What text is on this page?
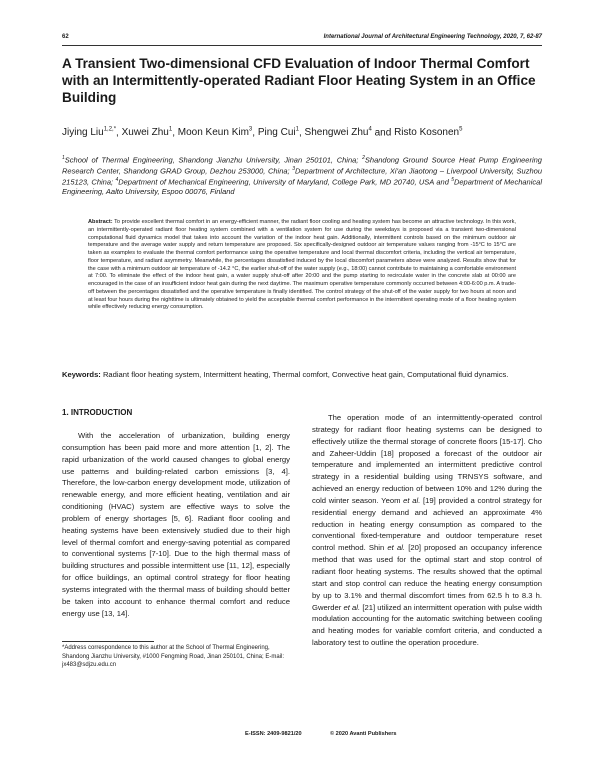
62	International Journal of Architectural Engineering Technology, 2020, 7, 62-87
A Transient Two-dimensional CFD Evaluation of Indoor Thermal Comfort with an Intermittently-operated Radiant Floor Heating System in an Office Building
Jiying Liu$^{1,2,*}$, Xuwei Zhu$^1$, Moon Keun Kim$^3$, Ping Cui$^1$, Shengwei Zhu$^4$ and Risto Kosonen$^5$
$^1$School of Thermal Engineering, Shandong Jianzhu University, Jinan 250101, China; $^2$Shandong Ground Source Heat Pump Engineering Research Center, Shandong GRAD Group, Dezhou 253000, China; $^3$Department of Architecture, Xi'an Jiaotong – Liverpool University, Suzhou 215123, China; $^4$Department of Mechanical Engineering, University of Maryland, College Park, MD 20740, USA and $^5$Department of Mechanical Engineering, Aalto University, Espoo 00076, Finland
Abstract: To provide excellent thermal comfort in an energy-efficient manner, the radiant floor cooling and heating system has become an attractive technology. In this work, an intermittently-operated radiant floor heating system combined with a ventilation system for use during the weekdays is proposed via a transient two-dimensional computational fluid dynamics model that takes into account the variation of the indoor heat gain. Additionally, intermittent controls based on the minimum outdoor air temperature and the average water supply and return temperature are proposed. Six specifically-designed outdoor air temperature values ranging from -15°C to 15°C are taken as examples to evaluate the thermal comfort performance using the operative temperature and local thermal discomfort criteria, including the vertical air temperature, floor temperature, and radiant asymmetry. Meanwhile, the percentages dissatisfied induced by the local discomfort parameters above were analyzed. Results show that for the case with a minimum outdoor air temperature of -14.2 °C, the earlier shut-off of the water supply (e.g., 18:00) cannot contribute to maintaining a comfortable environment at 7:00. To eliminate the effect of the indoor heat gain, a water supply shut-off after 20:00 and the pump starting to recirculate water in the concrete slab at 00:00 are encouraged in the case of an insufficient indoor heat gain during the next daytime. The maximum operative temperature commonly occurred between 4:00-6:00 p.m. A trade-off between the percentages dissatisfied and the operative temperature is finally identified. The control strategy of the shut-off of the water supply for two hours at noon and at least four hours during the nighttime is ultimately obtained to yield the acceptable thermal comfort performance in the intermittent operating mode of a floor heating system while effectively reducing energy consumption.
Keywords: Radiant floor heating system, Intermittent heating, Thermal comfort, Convective heat gain, Computational fluid dynamics.
1. INTRODUCTION
With the acceleration of urbanization, building energy consumption has been paid more and more attention [1, 2]. The rapid urbanization of the world caused changes to global energy use patterns and building-related carbon emissions [3, 4]. Therefore, the low-carbon energy development mode, utilization of renewable energy, and more efficient heating, ventilation and air conditioning (HVAC) system are effective ways to solve the problem of energy shortages [5, 6]. Radiant floor cooling and heating systems have been extensively studied due to their high level of thermal comfort and energy-saving potential as compared to conventional systems [7-10]. Due to the high thermal mass of building structures and possible intermittent use [11, 12], especially for office buildings, an optimal control strategy for floor heating systems integrated with the thermal mass of building should better be taken into account to enhance thermal comfort and reduce energy use [13, 14].
The operation mode of an intermittently-operated control strategy for radiant floor heating systems can be designed to effectively utilize the thermal storage of concrete floors [15-17]. Cho and Zaheer-Uddin [18] proposed a forecast of the outdoor air temperature and implemented an intermittent predictive control strategy in a residential building using TRNSYS software, and achieved an energy reduction of between 10% and 12% during the cold winter season. Yeom et al. [19] provided a control strategy for residential energy demand and achieved an approximate 4% reduction in heating energy consumption as compared to the conventional fixed-temperature and outdoor temperature reset control method. Shin et al. [20] proposed an occupancy inference method that was used for the optimal start and stop control of radiant floor heating systems. The results showed that the optimal start and stop control can reduce the heating energy consumption by up to 3.1% and thermal discomfort times from 62.5 h to 8.3 h. Gwerder et al. [21] utilized an intermittent operation with pulse width modulation accounting for the automatic switching between cooling and heating modes for variable comfort criteria, and conducted a laboratory test to outline the operation procedure.
*Address correspondence to this author at the School of Thermal Engineering, Shandong Jianzhu University, #1000 Fengming Road, Jinan 250101, China; E-mail: jx483@sdjzu.edu.cn
E-ISSN: 2409-9821/20	© 2020 Avanti Publishers
